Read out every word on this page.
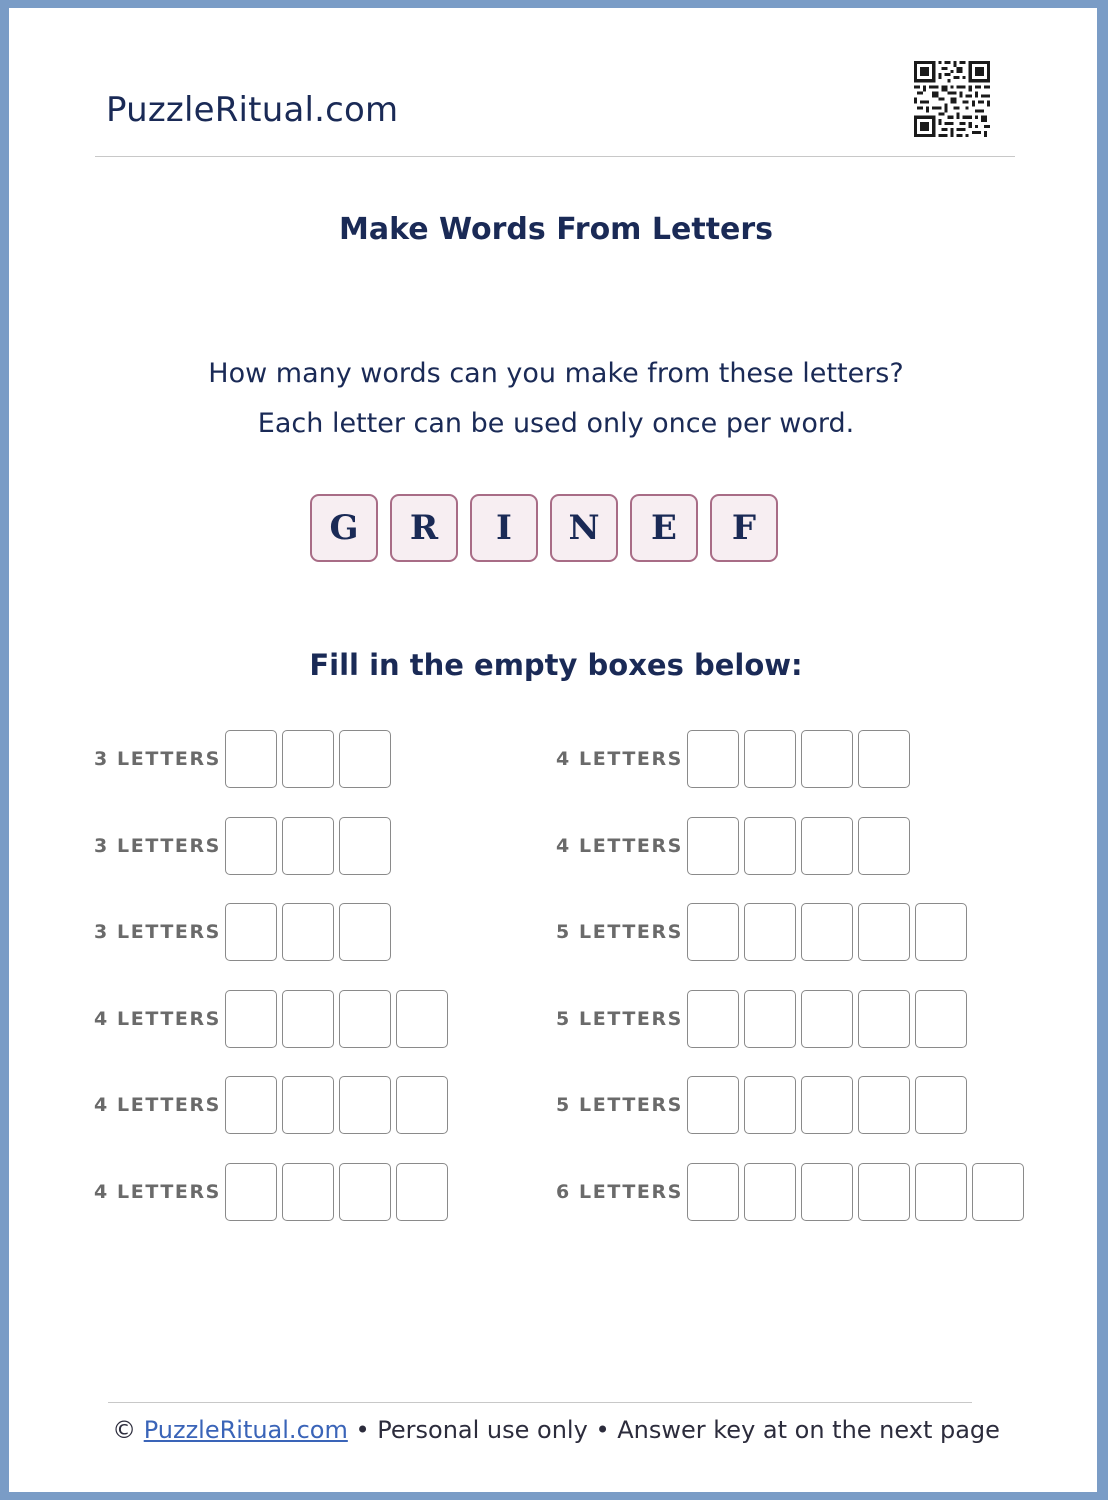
PuzzleRitual.com
Make Words From Letters
How many words can you make from these letters?
Each letter can be used only once per word.
G	R	I	N	E	F
Fill in the empty boxes below:
3 LETTERS
3 LETTERS
3 LETTERS
4 LETTERS
4 LETTERS
4 LETTERS
4 LETTERS
4 LETTERS
5 LETTERS
5 LETTERS
5 LETTERS
6 LETTERS
© PuzzleRitual.com • Personal use only • Answer key at on the next page
